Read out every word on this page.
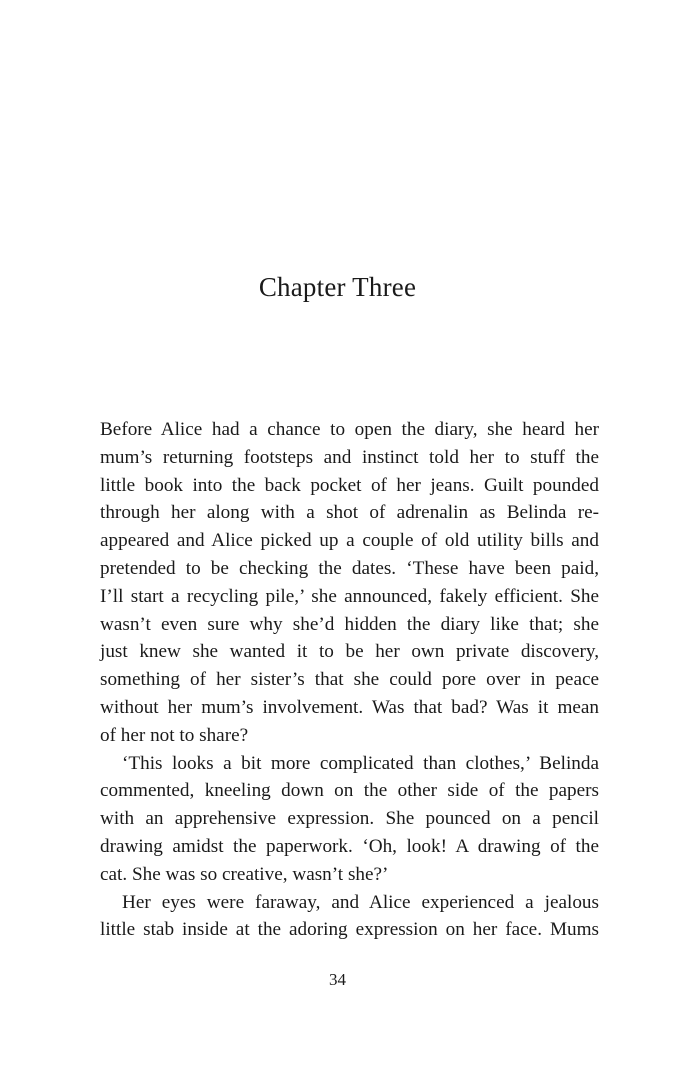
Chapter Three
Before Alice had a chance to open the diary, she heard her
mum’s returning footsteps and instinct told her to stuff the
little book into the back pocket of her jeans. Guilt pounded
through her along with a shot of adrenalin as Belinda re-
appeared and Alice picked up a couple of old utility bills and
pretended to be checking the dates. ‘These have been paid,
I’ll start a recycling pile,’ she announced, fakely efficient. She
wasn’t even sure why she’d hidden the diary like that; she
just knew she wanted it to be her own private discovery,
something of her sister’s that she could pore over in peace
without her mum’s involvement. Was that bad? Was it mean
of her not to share?
‘This looks a bit more complicated than clothes,’ Belinda
commented, kneeling down on the other side of the papers
with an apprehensive expression. She pounced on a pencil
drawing amidst the paperwork. ‘Oh, look! A drawing of the
cat. She was so creative, wasn’t she?’
Her eyes were faraway, and Alice experienced a jealous
little stab inside at the adoring expression on her face. Mums
34
